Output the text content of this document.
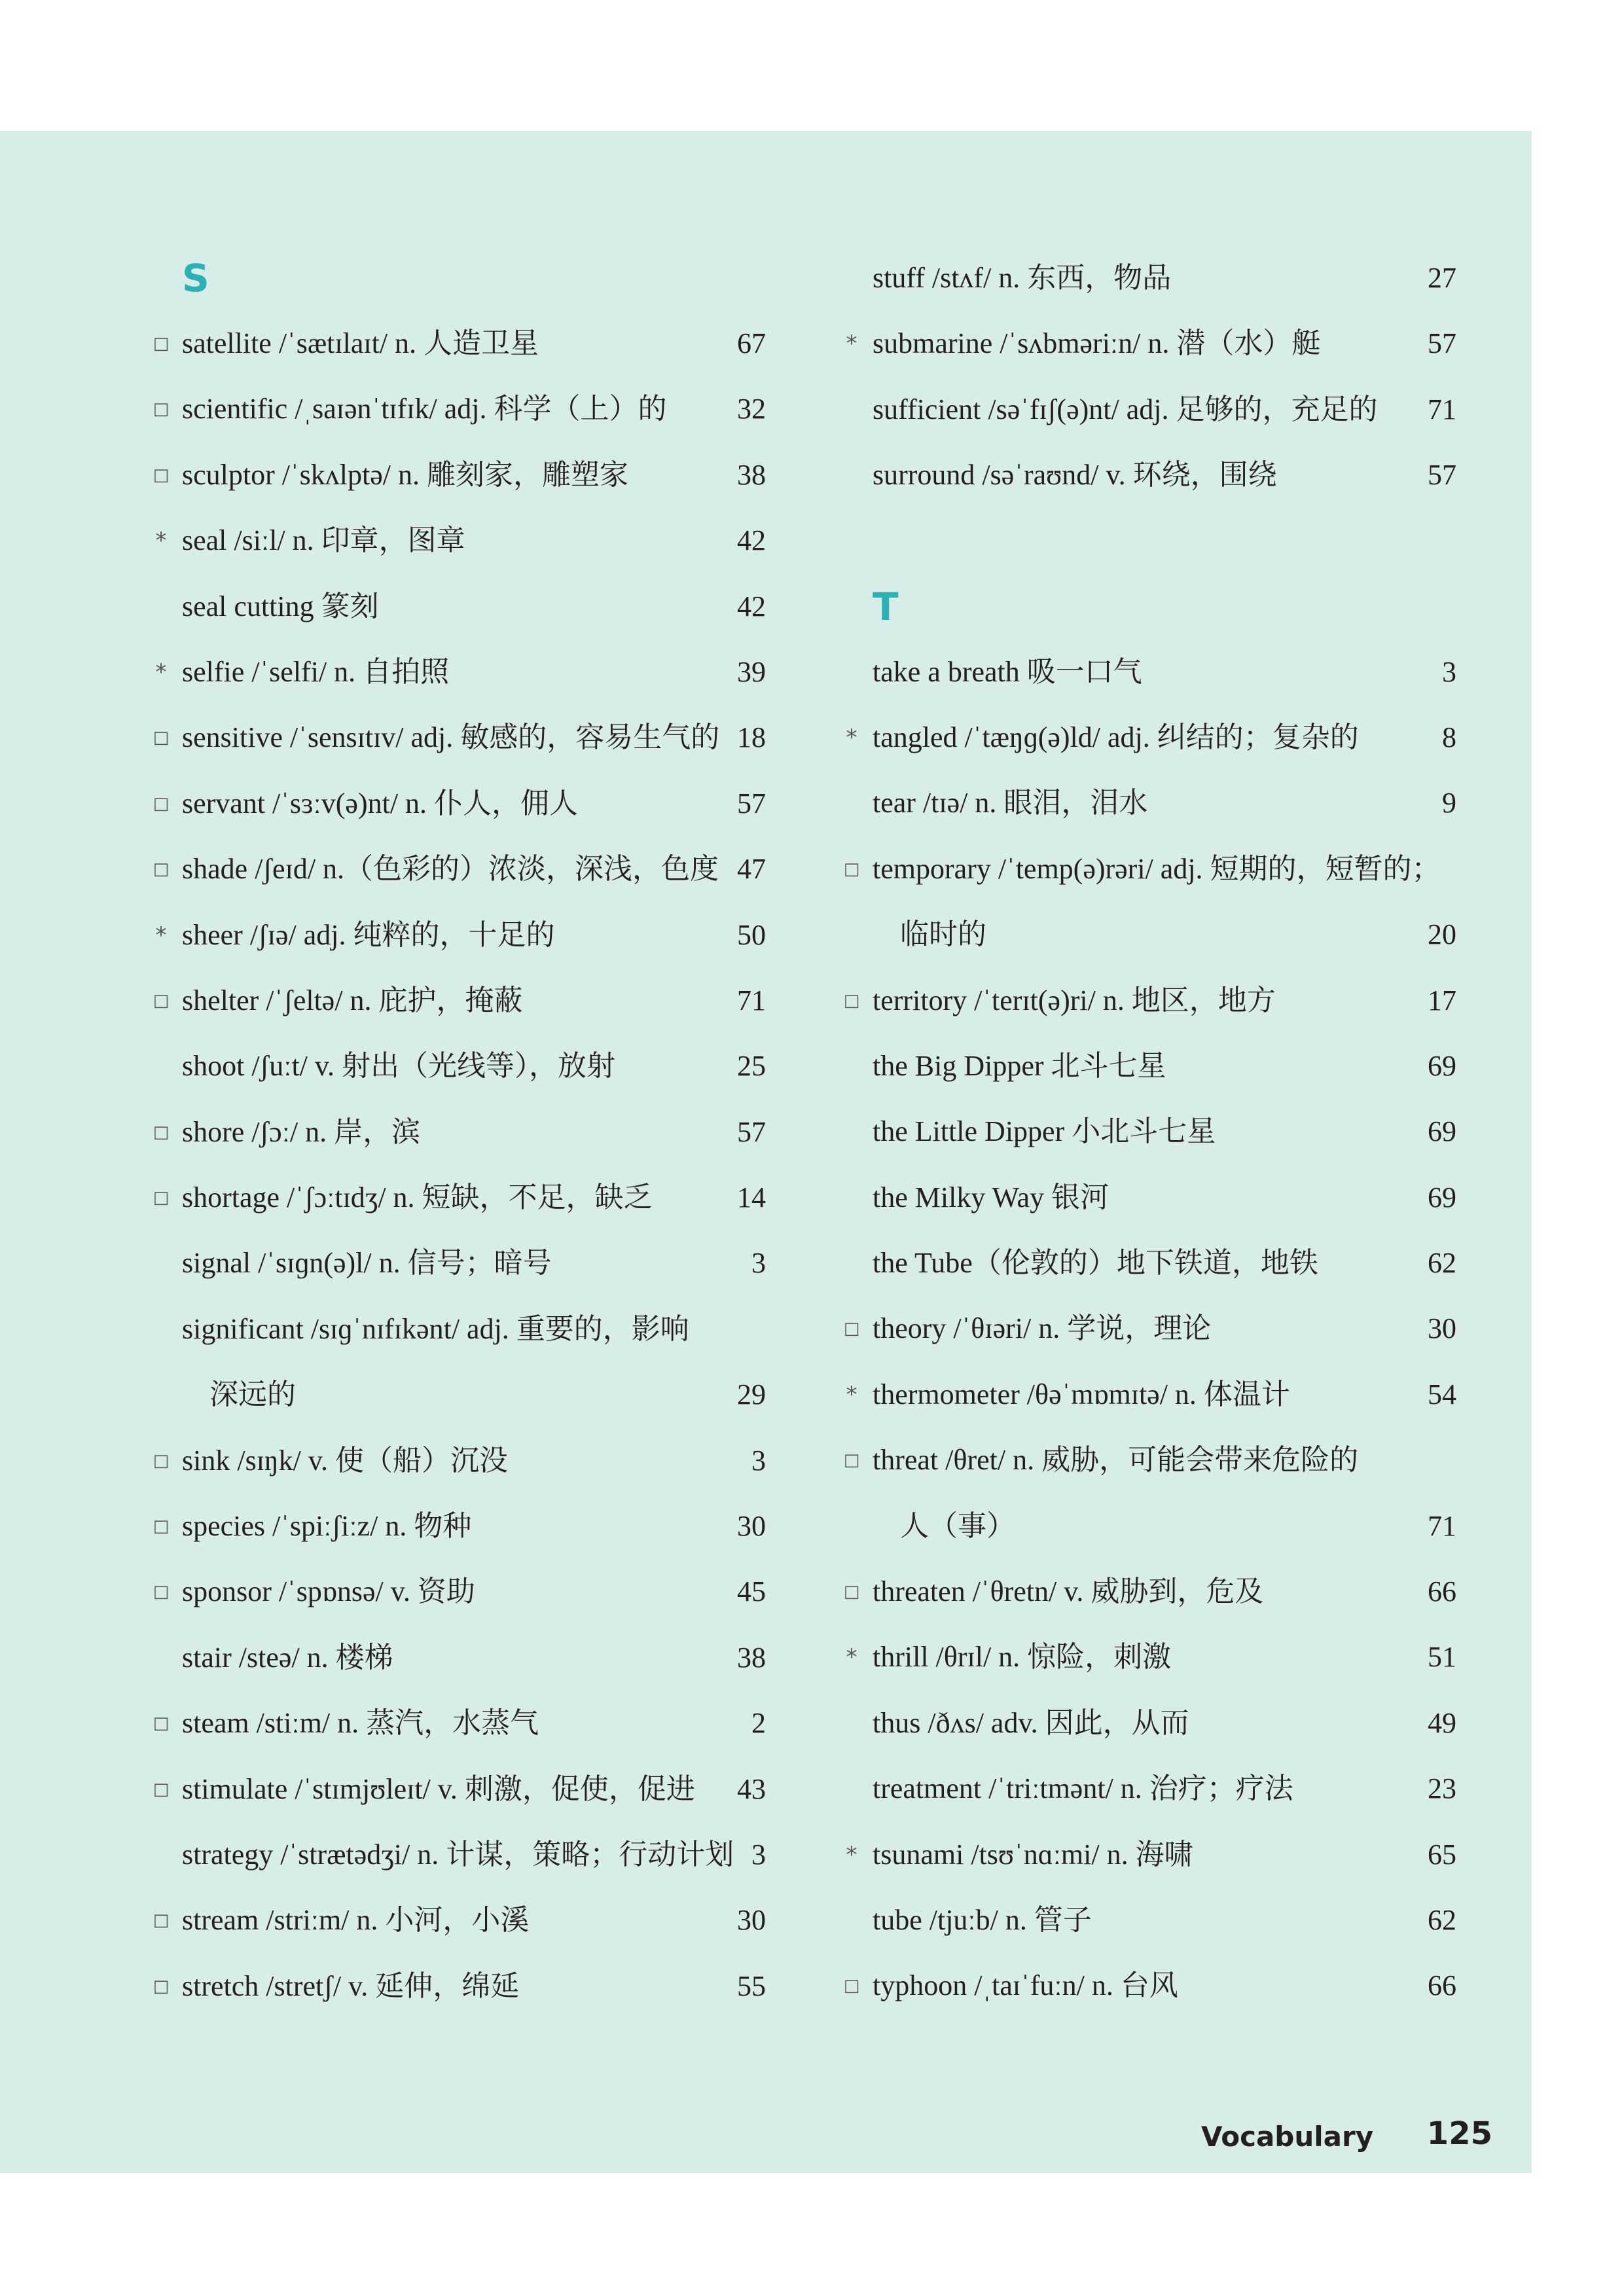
S
□ satellite /ˈsætɪlaɪt/ n. 人造卫星	67
□ scientific /ˌsaɪənˈtɪfɪk/ adj. 科学（上）的	32
□ sculptor /ˈskʌlptə/ n. 雕刻家，雕塑家	38
* seal /siːl/ n. 印章，图章	42
seal cutting 篆刻	42
* selfie /ˈselfi/ n. 自拍照	39
□ sensitive /ˈsensɪtɪv/ adj. 敏感的，容易生气的 18
□ servant /ˈsɜːv(ə)nt/ n. 仆人，佣人	57
□ shade /ʃeɪd/ n.（色彩的）浓淡，深浅，色度 47
* sheer /ʃɪə/ adj. 纯粹的，十足的	50
□ shelter /ˈʃeltə/ n. 庇护，掩蔽	71
shoot /ʃuːt/ v. 射出（光线等），放射	25
□ shore /ʃɔː/ n. 岸，滨	57
□ shortage /ˈʃɔːtɪdʒ/ n. 短缺，不足，缺乏	14
signal /ˈsɪɡn(ə)l/ n. 信号；暗号	3
significant /sɪɡˈnɪfɪkənt/ adj. 重要的，影响
深远的	29
□ sink /sɪŋk/ v. 使（船）沉没	3
□ species /ˈspiːʃiːz/ n. 物种	30
□ sponsor /ˈspɒnsə/ v. 资助	45
stair /steə/ n. 楼梯	38
□ steam /stiːm/ n. 蒸汽，水蒸气	2
□ stimulate /ˈstɪmjʊleɪt/ v. 刺激，促使，促进	43
strategy /ˈstrætədʒi/ n. 计谋，策略；行动计划 3
□ stream /striːm/ n. 小河，小溪	30
□ stretch /stretʃ/ v. 延伸，绵延	55
stuff /stʌf/ n. 东西，物品	27
* submarine /ˈsʌbməriːn/ n. 潜（水）艇	57
sufficient /səˈfɪʃ(ə)nt/ adj. 足够的，充足的	71
surround /səˈraʊnd/ v. 环绕，围绕	57
T
take a breath 吸一口气	3
* tangled /ˈtæŋɡ(ə)ld/ adj. 纠结的；复杂的	8
tear /tɪə/ n. 眼泪，泪水	9
□ temporary /ˈtemp(ə)rəri/ adj. 短期的，短暂的；
临时的	20
□ territory /ˈterɪt(ə)ri/ n. 地区，地方	17
the Big Dipper 北斗七星	69
the Little Dipper 小北斗七星	69
the Milky Way 银河	69
the Tube（伦敦的）地下铁道，地铁	62
□ theory /ˈθɪəri/ n. 学说，理论	30
* thermometer /θəˈmɒmɪtə/ n. 体温计	54
□ threat /θret/ n. 威胁，可能会带来危险的
人（事）	71
□ threaten /ˈθretn/ v. 威胁到，危及	66
* thrill /θrɪl/ n. 惊险，刺激	51
thus /ðʌs/ adv. 因此，从而	49
treatment /ˈtriːtmənt/ n. 治疗；疗法	23
* tsunami /tsʊˈnɑːmi/ n. 海啸	65
tube /tjuːb/ n. 管子	62
□ typhoon /ˌtaɪˈfuːn/ n. 台风	66
Vocabulary	125
